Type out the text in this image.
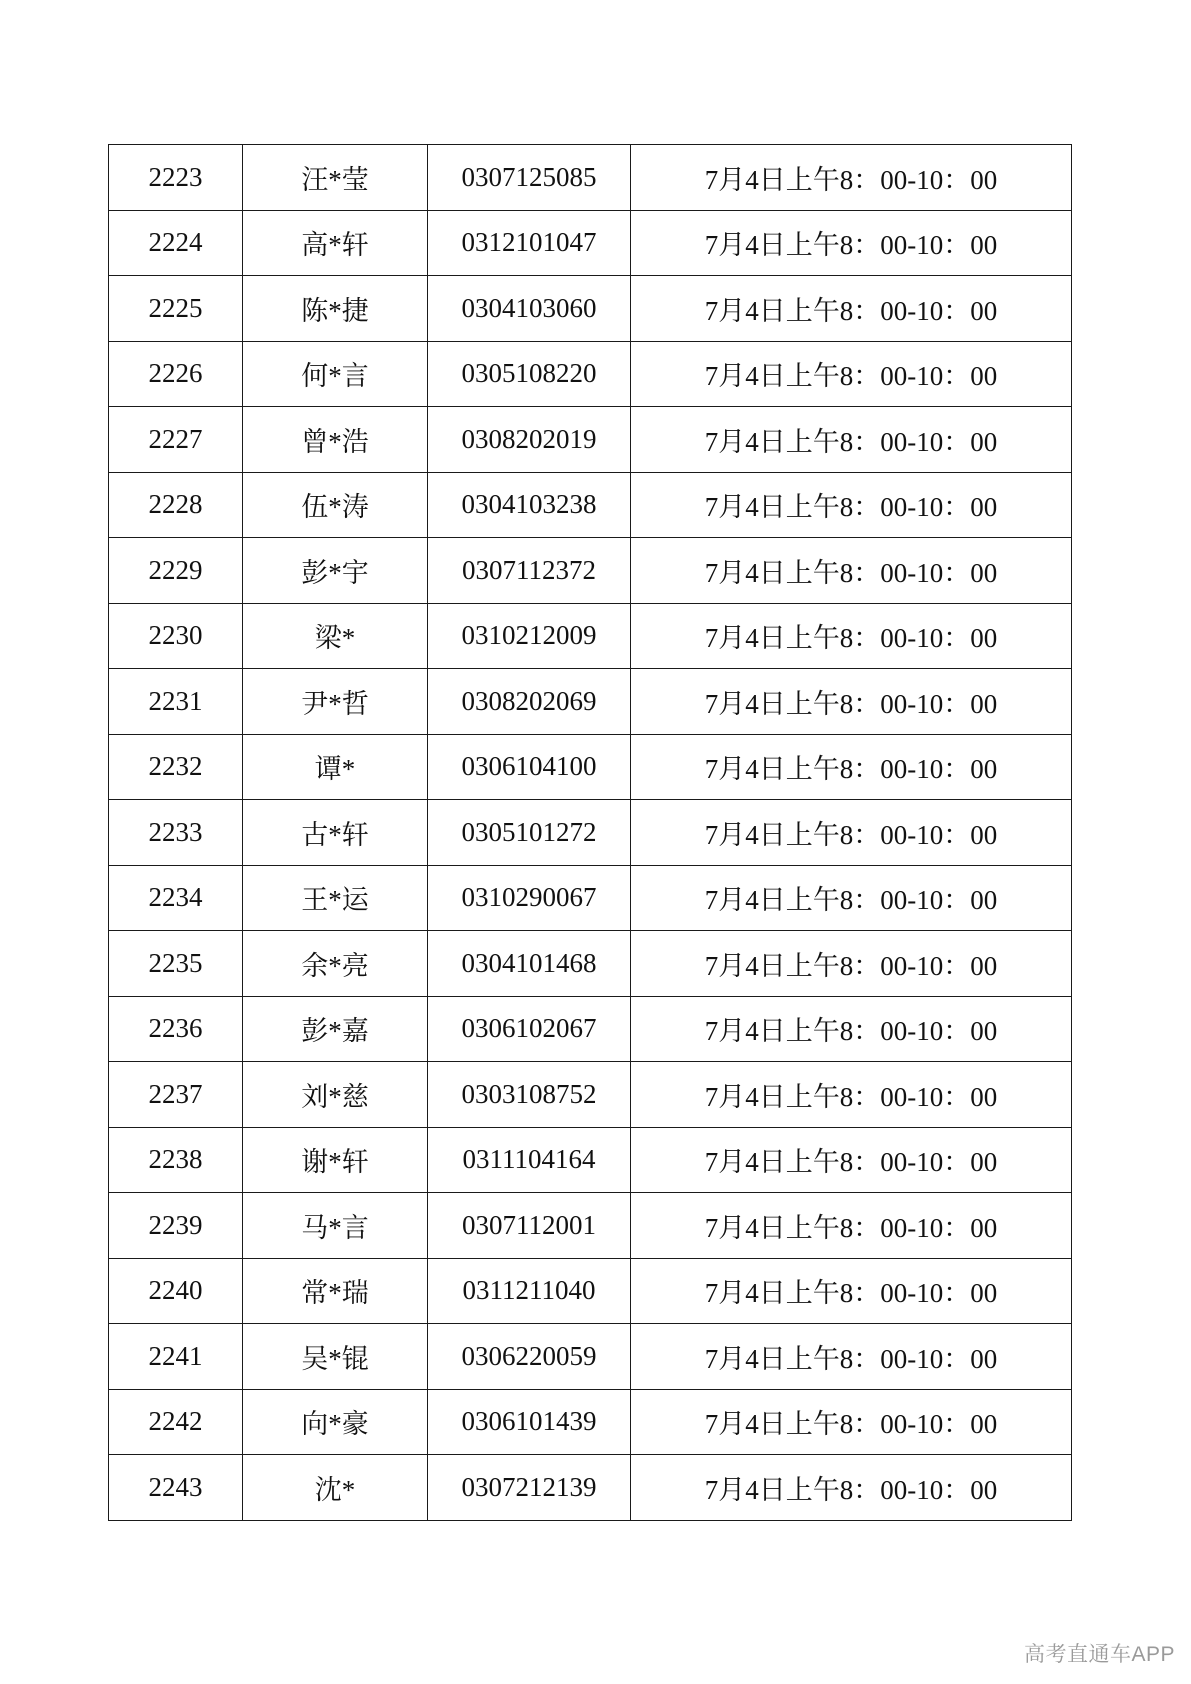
2223	汪*莹	0307125085	7月4日上午8：00-10：00
2224	高*轩	0312101047	7月4日上午8：00-10：00
2225	陈*捷	0304103060	7月4日上午8：00-10：00
2226	何*言	0305108220	7月4日上午8：00-10：00
2227	曾*浩	0308202019	7月4日上午8：00-10：00
2228	伍*涛	0304103238	7月4日上午8：00-10：00
2229	彭*宇	0307112372	7月4日上午8：00-10：00
2230	梁*	0310212009	7月4日上午8：00-10：00
2231	尹*哲	0308202069	7月4日上午8：00-10：00
2232	谭*	0306104100	7月4日上午8：00-10：00
2233	古*轩	0305101272	7月4日上午8：00-10：00
2234	王*运	0310290067	7月4日上午8：00-10：00
2235	余*亮	0304101468	7月4日上午8：00-10：00
2236	彭*嘉	0306102067	7月4日上午8：00-10：00
2237	刘*慈	0303108752	7月4日上午8：00-10：00
2238	谢*轩	0311104164	7月4日上午8：00-10：00
2239	马*言	0307112001	7月4日上午8：00-10：00
2240	常*瑞	0311211040	7月4日上午8：00-10：00
2241	吴*锟	0306220059	7月4日上午8：00-10：00
2242	向*豪	0306101439	7月4日上午8：00-10：00
2243	沈*	0307212139	7月4日上午8：00-10：00
高考直通车APP
